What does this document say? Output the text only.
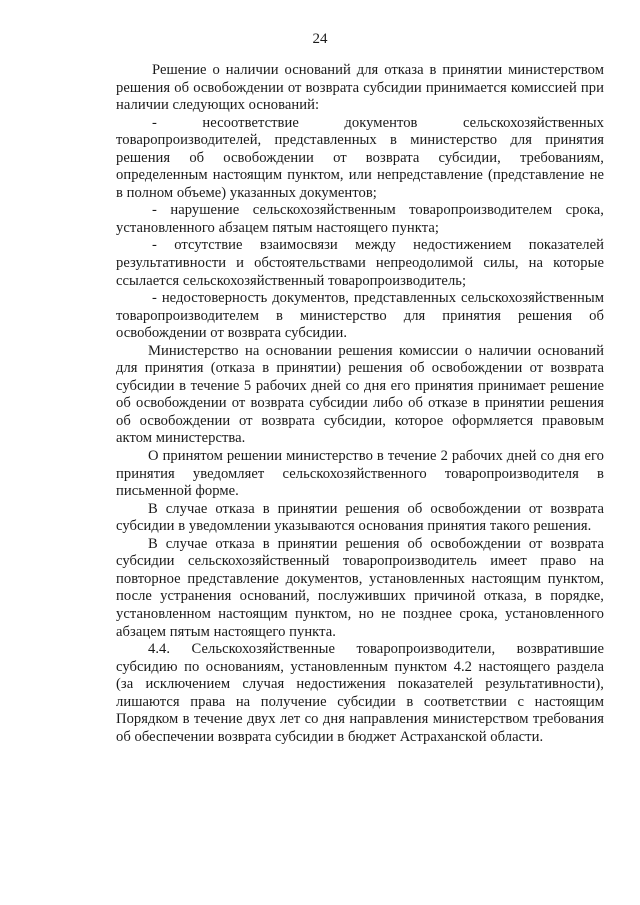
24

Решение о наличии оснований для отказа в принятии министерством решения об освобождении от возврата субсидии принимается комиссией при наличии следующих оснований:

- несоответствие документов сельскохозяйственных товаропроизводителей, представленных в министерство для принятия решения об освобождении от возврата субсидии, требованиям, определенным настоящим пунктом, или непредставление (представление не в полном объеме) указанных документов;

- нарушение сельскохозяйственным товаропроизводителем срока, установленного абзацем пятым настоящего пункта;

- отсутствие взаимосвязи между недостижением показателей результативности и обстоятельствами непреодолимой силы, на которые ссылается сельскохозяйственный товаропроизводитель;

- недостоверность документов, представленных сельскохозяйственным товаропроизводителем в министерство для принятия решения об освобождении от возврата субсидии.

Министерство на основании решения комиссии о наличии оснований для принятия (отказа в принятии) решения об освобождении от возврата субсидии в течение 5 рабочих дней со дня его принятия принимает решение об освобождении от возврата субсидии либо об отказе в принятии решения об освобождении от возврата субсидии, которое оформляется правовым актом министерства.

О принятом решении министерство в течение 2 рабочих дней со дня его принятия уведомляет сельскохозяйственного товаропроизводителя в письменной форме.

В случае отказа в принятии решения об освобождении от возврата субсидии в уведомлении указываются основания принятия такого решения.

В случае отказа в принятии решения об освобождении от возврата субсидии сельскохозяйственный товаропроизводитель имеет право на повторное представление документов, установленных настоящим пунктом, после устранения оснований, послуживших причиной отказа, в порядке, установленном настоящим пунктом, но не позднее срока, установленного абзацем пятым настоящего пункта.

4.4. Сельскохозяйственные товаропроизводители, возвратившие субсидию по основаниям, установленным пунктом 4.2 настоящего раздела (за исключением случая недостижения показателей результативности), лишаются права на получение субсидии в соответствии с настоящим Порядком в течение двух лет со дня направления министерством требования об обеспечении возврата субсидии в бюджет Астраханской области.
